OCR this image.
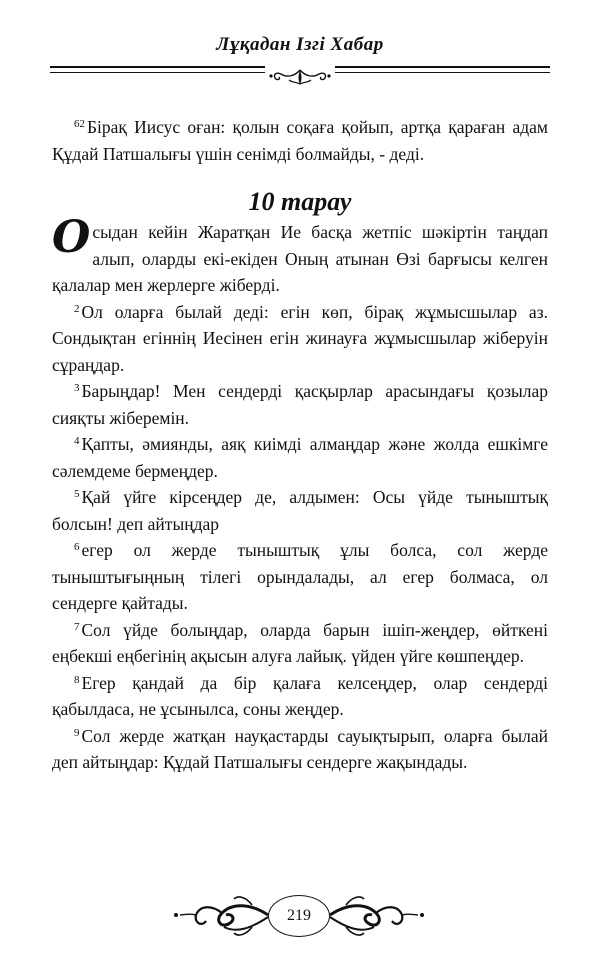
Лұқадан Ізгі Хабар

$^{62}$ Бірақ Иисус оған: қолын соқаға қойып, артқа қараған адам Құдай Патшалығы үшін сенімді болмайды, - деді.

10 тарау

Осыдан кейін Жаратқан Ие басқа жетпіс шәкіртін таңдап алып, оларды екі-екіден Оның атынан Өзі барғысы келген қалалар мен жерлерге жіберді.

$^2$ Ол оларға былай деді: егін көп, бірақ жұмысшылар аз. Сондықтан егіннің Иесінен егін жинауға жұмысшылар жіберуін сұраңдар.

$^3$ Барыңдар! Мен сендерді қасқырлар арасындағы қозылар сияқты жіберемін.

$^4$ Қапты, әмиянды, аяқ киімді алмаңдар және жолда ешкімге сәлемдеме бермеңдер.

$^5$ Қай үйге кірсеңдер де, алдымен: Осы үйде тыныштық болсын! деп айтыңдар

$^6$ егер ол жерде тыныштық ұлы болса, сол жерде тыныштығыңның тілегі орындалады, ал егер болмаса, ол сендерге қайтады.

$^7$ Сол үйде болыңдар, оларда барын ішіп-жеңдер, өйткені еңбекші еңбегінің ақысын алуға лайық. үйден үйге көшпеңдер.

$^8$ Егер қандай да бір қалаға келсеңдер, олар сендерді қабылдаса, не ұсынылса, соны жеңдер.

$^9$ Сол жерде жатқан науқастарды сауықтырып, оларға былай деп айтыңдар: Құдай Патшалығы сендерге жақындады.

219
